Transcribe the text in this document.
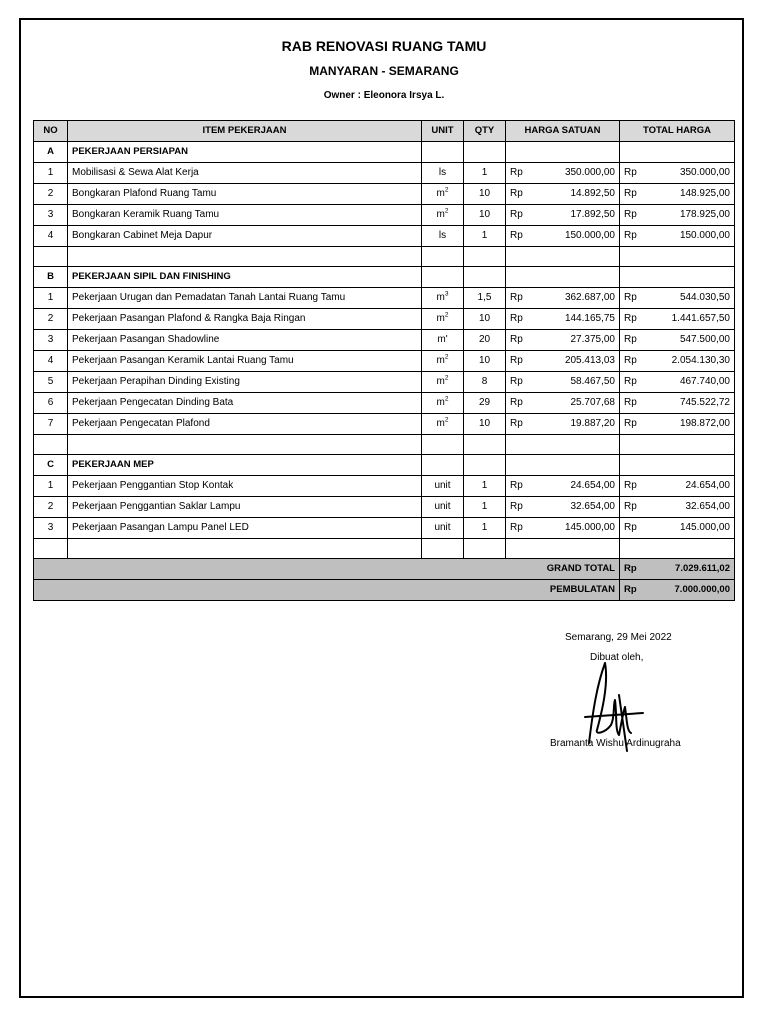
RAB RENOVASI RUANG TAMU
MANYARAN - SEMARANG
Owner : Eleonora Irsya L.
NO	ITEM PEKERJAAN	UNIT	QTY	HARGA SATUAN		TOTAL HARGA	
A	PEKERJAAN PERSIAPAN						
1	Mobilisasi & Sewa Alat Kerja	ls	1	Rp	350.000,00	Rp	350.000,00
2	Bongkaran Plafond Ruang Tamu	$m^2$	10	Rp	14.892,50	Rp	148.925,00
3	Bongkaran Keramik Ruang Tamu	$m^2$	10	Rp	17.892,50	Rp	178.925,00
4	Bongkaran Cabinet Meja Dapur	ls	1	Rp	150.000,00	Rp	150.000,00

B	PEKERJAAN SIPIL DAN FINISHING						
1	Pekerjaan Urugan dan Pemadatan Tanah Lantai Ruang Tamu	$m^3$	1,5	Rp	362.687,00	Rp	544.030,50
2	Pekerjaan Pasangan Plafond & Rangka Baja Ringan	$m^2$	10	Rp	144.165,75	Rp	1.441.657,50
3	Pekerjaan Pasangan Shadowline	m'	20	Rp	27.375,00	Rp	547.500,00
4	Pekerjaan Pasangan Keramik Lantai Ruang Tamu	$m^2$	10	Rp	205.413,03	Rp	2.054.130,30
5	Pekerjaan Perapihan Dinding Existing	$m^2$	8	Rp	58.467,50	Rp	467.740,00
6	Pekerjaan Pengecatan Dinding Bata	$m^2$	29	Rp	25.707,68	Rp	745.522,72
7	Pekerjaan Pengecatan Plafond	$m^2$	10	Rp	19.887,20	Rp	198.872,00

C	PEKERJAAN MEP						
1	Pekerjaan Penggantian Stop Kontak	unit	1	Rp	24.654,00	Rp	24.654,00
2	Pekerjaan Penggantian Saklar Lampu	unit	1	Rp	32.654,00	Rp	32.654,00
3	Pekerjaan Pasangan Lampu Panel LED	unit	1	Rp	145.000,00	Rp	145.000,00

GRAND TOTAL						Rp	7.029.611,02
PEMBULATAN						Rp	7.000.000,00
Semarang, 29 Mei 2022
Dibuat oleh,
Bramanta Wishu Ardinugraha
